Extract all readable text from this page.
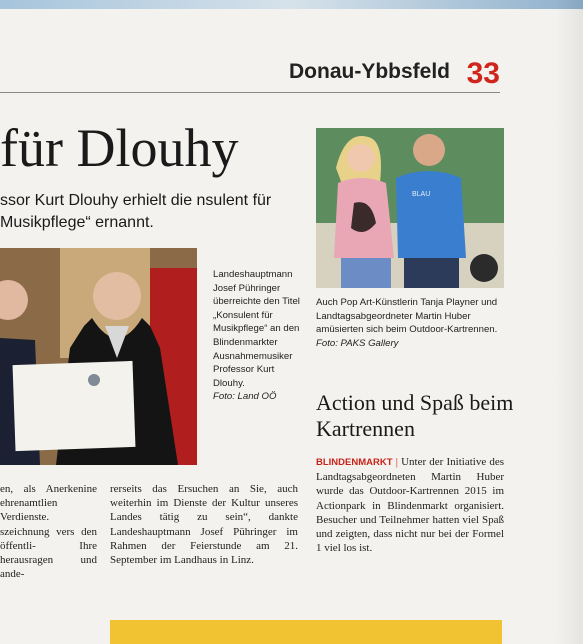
Donau-Ybbsfeld 33
für Dlouhy
ssor Kurt Dlouhy erhielt die nsulent für Musikpflege“ ernannt.
Landeshauptmann Josef Pühringer überreichte den Titel „Konsulent für Musikpflege“ an den Blindenmarkter Ausnahmemusiker Professor Kurt Dlouhy.
Foto: Land OÖ
BLAU
Auch Pop Art-Künstlerin Tanja Playner und Landtagsabgeordneter Martin Huber amüsierten sich beim Outdoor-Kartrennen. Foto: PAKS Gallery
en, als Anerkenine ehrenamtlien Verdienste. szeichnung vers den öffentli- Ihre herausragen und ande-
rerseits das Ersuchen an Sie, auch weiterhin im Dienste der Kultur unseres Landes tätig zu sein“, dankte Landeshauptmann Josef Pühringer im Rahmen der Feierstunde am 21. September im Landhaus in Linz.
Action und Spaß beim Kartrennen
BLINDENMARKT | Unter der Initiative des Landtagsabgeordneten Martin Huber wurde das Outdoor-Kartrennen 2015 im Actionpark in Blindenmarkt organisiert. Besucher und Teilnehmer hatten viel Spaß und zeigten, dass nicht nur bei der Formel 1 viel los ist.
